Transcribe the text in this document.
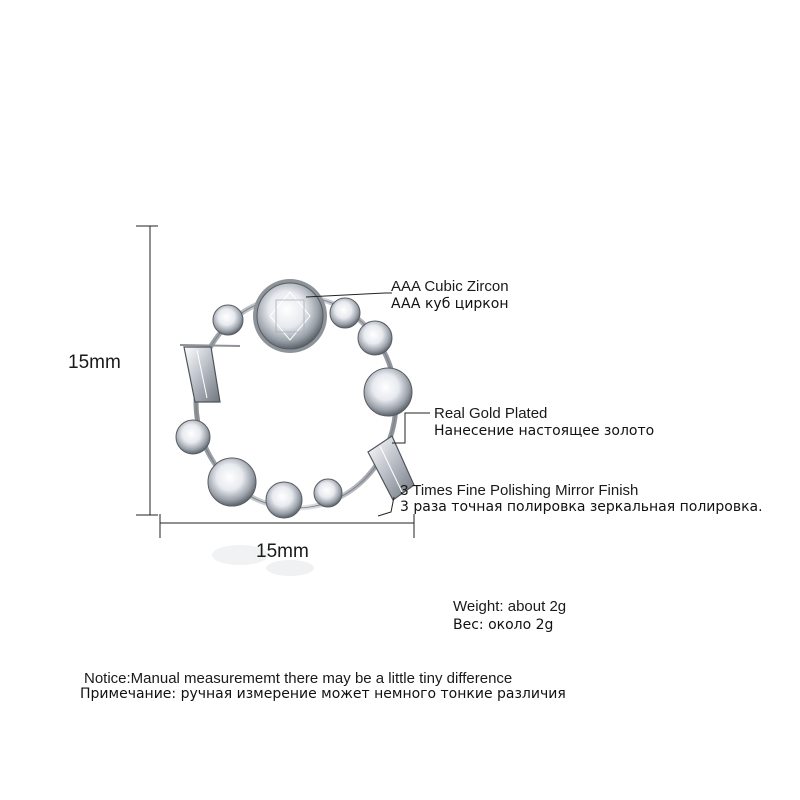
15mm
15mm
AAA Cubic Zircon
AAA куб циркон
Real Gold Plated
Нанесение настоящее золото
3 Times Fine Polishing Mirror Finish
3 раза точная полировка зеркальная полировка.
Weight: about 2g
Вес: около 2g
Notice:Manual measurememt there may be a little tiny difference
Примечание: ручная измерение может немного тонкие различия
